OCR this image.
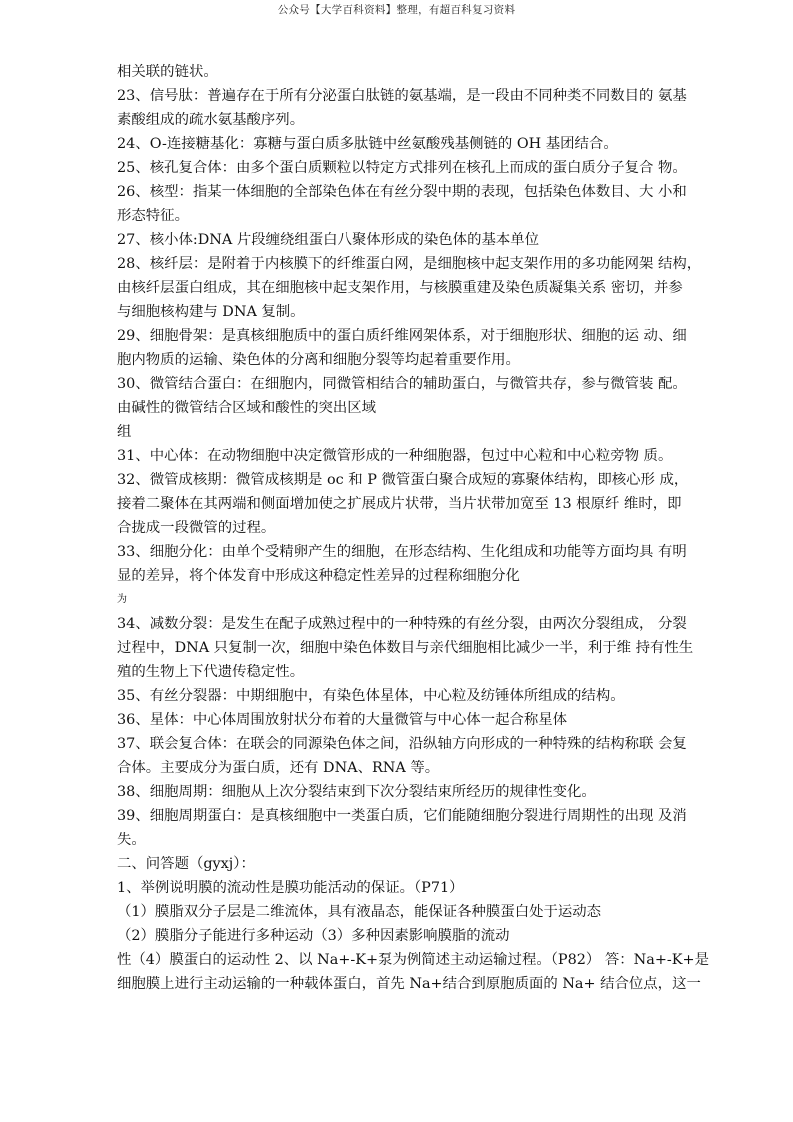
公众号【大学百科资料】整理，有超百科复习资料
相关联的链状。
23、信号肽：普遍存在于所有分泌蛋白肽链的氨基端，是一段由不同种类不同数目的 氨基
素酸组成的疏水氨基酸序列。
24、O-连接糖基化：寡糖与蛋白质多肽链中丝氨酸残基侧链的 OH 基团结合。
25、核孔复合体：由多个蛋白质颗粒以特定方式排列在核孔上而成的蛋白质分子复合 物。
26、核型：指某一体细胞的全部染色体在有丝分裂中期的表现，包括染色体数目、大 小和
形态特征。
27、核小体:DNA 片段缠绕组蛋白八聚体形成的染色体的基本单位
28、核纤层：是附着于内核膜下的纤维蛋白网，是细胞核中起支架作用的多功能网架 结构，
由核纤层蛋白组成，其在细胞核中起支架作用，与核膜重建及染色质凝集关系 密切，并参
与细胞核构建与 DNA 复制。
29、细胞骨架：是真核细胞质中的蛋白质纤维网架体系，对于细胞形状、细胞的运 动、细
胞内物质的运输、染色体的分离和细胞分裂等均起着重要作用。
30、微管结合蛋白：在细胞内，同微管相结合的辅助蛋白，与微管共存，参与微管装 配。
由碱性的微管结合区域和酸性的突出区域
组
31、中心体：在动物细胞中决定微管形成的一种细胞器，包过中心粒和中心粒旁物 质。
32、微管成核期：微管成核期是 oc 和 P 微管蛋白聚合成短的寡聚体结构，即核心形 成，
接着二聚体在其两端和侧面增加使之扩展成片状带，当片状带加宽至 13 根原纤 维时，即
合拢成一段微管的过程。
33、细胞分化：由单个受精卵产生的细胞，在形态结构、生化组成和功能等方面均具 有明
显的差异，将个体发育中形成这种稳定性差异的过程称细胞分化
为
34、减数分裂：是发生在配子成熟过程中的一种特殊的有丝分裂，由两次分裂组成， 分裂
过程中，DNA 只复制一次，细胞中染色体数目与亲代细胞相比减少一半，利于维 持有性生
殖的生物上下代遗传稳定性。
35、有丝分裂器：中期细胞中，有染色体星体，中心粒及纺锤体所组成的结构。
36、星体：中心体周围放射状分布着的大量微管与中心体一起合称星体
37、联会复合体：在联会的同源染色体之间，沿纵轴方向形成的一种特殊的结构称联 会复
合体。主要成分为蛋白质，还有 DNA、RNA 等。
38、细胞周期：细胞从上次分裂结束到下次分裂结束所经历的规律性变化。
39、细胞周期蛋白：是真核细胞中一类蛋白质，它们能随细胞分裂进行周期性的出现 及消
失。
二、问答题（gyxj）：
1、举例说明膜的流动性是膜功能活动的保证。（P71）
（1）膜脂双分子层是二维流体，具有液晶态，能保证各种膜蛋白处于运动态
（2）膜脂分子能进行多种运动（3）多种因素影响膜脂的流动
性（4）膜蛋白的运动性 2、以 Na+-K+泵为例简述主动运输过程。（P82） 答：Na+-K+是
细胞膜上进行主动运输的一种载体蛋白，首先 Na+结合到原胞质面的 Na+ 结合位点，这一
